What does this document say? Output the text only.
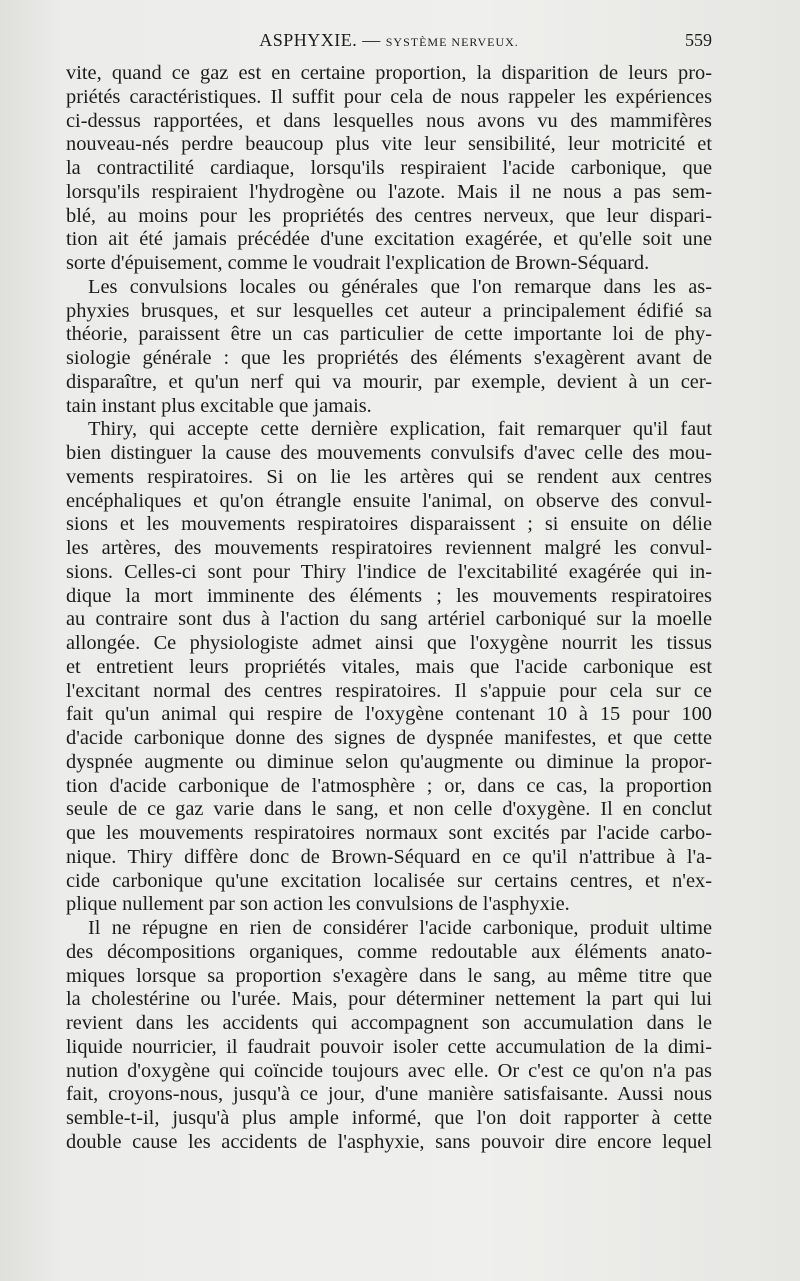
ASPHYXIE. — SYSTÈME NERVEUX.	559
vite, quand ce gaz est en certaine proportion, la disparition de leurs pro-
priétés caractéristiques. Il suffit pour cela de nous rappeler les expériences
ci-dessus rapportées, et dans lesquelles nous avons vu des mammifères
nouveau-nés perdre beaucoup plus vite leur sensibilité, leur motricité et
la contractilité cardiaque, lorsqu'ils respiraient l'acide carbonique, que
lorsqu'ils respiraient l'hydrogène ou l'azote. Mais il ne nous a pas sem-
blé, au moins pour les propriétés des centres nerveux, que leur dispari-
tion ait été jamais précédée d'une excitation exagérée, et qu'elle soit une
sorte d'épuisement, comme le voudrait l'explication de Brown-Séquard.
Les convulsions locales ou générales que l'on remarque dans les as-
phyxies brusques, et sur lesquelles cet auteur a principalement édifié sa
théorie, paraissent être un cas particulier de cette importante loi de phy-
siologie générale : que les propriétés des éléments s'exagèrent avant de
disparaître, et qu'un nerf qui va mourir, par exemple, devient à un cer-
tain instant plus excitable que jamais.
Thiry, qui accepte cette dernière explication, fait remarquer qu'il faut
bien distinguer la cause des mouvements convulsifs d'avec celle des mou-
vements respiratoires. Si on lie les artères qui se rendent aux centres
encéphaliques et qu'on étrangle ensuite l'animal, on observe des convul-
sions et les mouvements respiratoires disparaissent ; si ensuite on délie
les artères, des mouvements respiratoires reviennent malgré les convul-
sions. Celles-ci sont pour Thiry l'indice de l'excitabilité exagérée qui in-
dique la mort imminente des éléments ; les mouvements respiratoires
au contraire sont dus à l'action du sang artériel carboniqué sur la moelle
allongée. Ce physiologiste admet ainsi que l'oxygène nourrit les tissus
et entretient leurs propriétés vitales, mais que l'acide carbonique est
l'excitant normal des centres respiratoires. Il s'appuie pour cela sur ce
fait qu'un animal qui respire de l'oxygène contenant 10 à 15 pour 100
d'acide carbonique donne des signes de dyspnée manifestes, et que cette
dyspnée augmente ou diminue selon qu'augmente ou diminue la propor-
tion d'acide carbonique de l'atmosphère ; or, dans ce cas, la proportion
seule de ce gaz varie dans le sang, et non celle d'oxygène. Il en conclut
que les mouvements respiratoires normaux sont excités par l'acide carbo-
nique. Thiry diffère donc de Brown-Séquard en ce qu'il n'attribue à l'a-
cide carbonique qu'une excitation localisée sur certains centres, et n'ex-
plique nullement par son action les convulsions de l'asphyxie.
Il ne répugne en rien de considérer l'acide carbonique, produit ultime
des décompositions organiques, comme redoutable aux éléments anato-
miques lorsque sa proportion s'exagère dans le sang, au même titre que
la cholestérine ou l'urée. Mais, pour déterminer nettement la part qui lui
revient dans les accidents qui accompagnent son accumulation dans le
liquide nourricier, il faudrait pouvoir isoler cette accumulation de la dimi-
nution d'oxygène qui coïncide toujours avec elle. Or c'est ce qu'on n'a pas
fait, croyons-nous, jusqu'à ce jour, d'une manière satisfaisante. Aussi nous
semble-t-il, jusqu'à plus ample informé, que l'on doit rapporter à cette
double cause les accidents de l'asphyxie, sans pouvoir dire encore lequel
